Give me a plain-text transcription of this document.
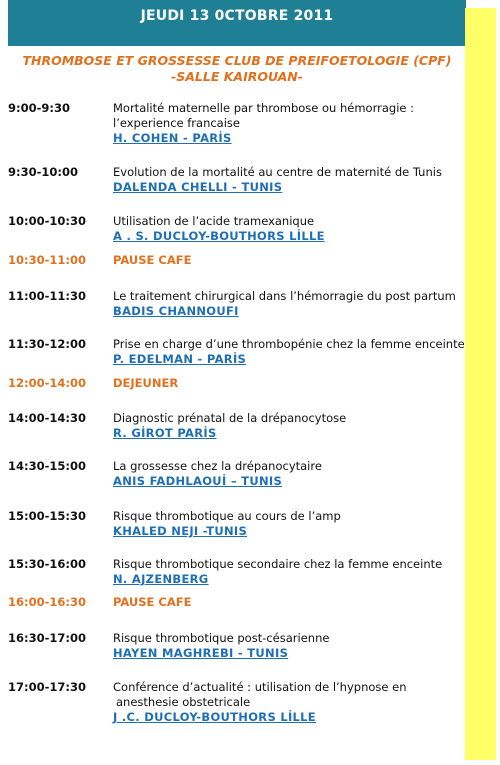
JEUDI 13 0CTOBRE 2011
THROMBOSE ET GROSSESSE CLUB DE PREIFOETOLOGIE (CPF)
-SALLE KAIROUAN-
9:00-9:30	Mortalité maternelle par thrombose ou hémorragie :
l’experience francaise
H. COHEN - PARİS
9:30-10:00	Evolution de la mortalité au centre de maternité de Tunis
DALENDA CHELLI - TUNIS
10:00-10:30	Utilisation de l’acide tramexanique
A . S. DUCLOY-BOUTHORS LİLLE
10:30-11:00	PAUSE CAFE
11:00-11:30	Le traitement chirurgical dans l’hémorragie du post partum
BADIS CHANNOUFI
11:30-12:00	Prise en charge d’une thrombopénie chez la femme enceinte
P. EDELMAN - PARİS
12:00-14:00	DEJEUNER
14:00-14:30	Diagnostic prénatal de la drépanocytose
R. GİROT PARİS
14:30-15:00	La grossesse chez la drépanocytaire
ANIS FADHLAOUİ – TUNIS
15:00-15:30	Risque thrombotique au cours de l’amp
KHALED NEJI -TUNIS
15:30-16:00	Risque thrombotique secondaire chez la femme enceinte
N. AJZENBERG
16:00-16:30	PAUSE CAFE
16:30-17:00	Risque thrombotique post-césarienne
HAYEN MAGHREBI - TUNIS
17:00-17:30	Conférence d’actualité : utilisation de l’hypnose en
anesthesie obstetricale
J .C. DUCLOY-BOUTHORS LİLLE
